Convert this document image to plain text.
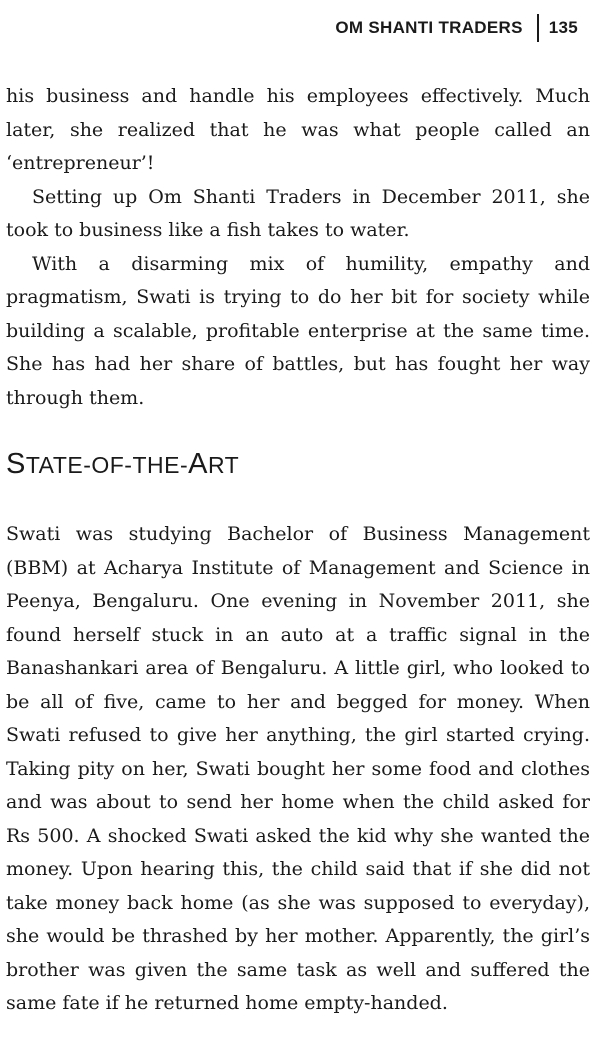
OM SHANTI TRADERS 135

his business and handle his employees effectively. Much later, she realized that he was what people called an ‘entrepreneur’!

Setting up Om Shanti Traders in December 2011, she took to business like a fish takes to water.

With a disarming mix of humility, empathy and pragmatism, Swati is trying to do her bit for society while building a scalable, profitable enterprise at the same time. She has had her share of battles, but has fought her way through them.

STATE-OF-THE-ART

Swati was studying Bachelor of Business Management (BBM) at Acharya Institute of Management and Science in Peenya, Bengaluru. One evening in November 2011, she found herself stuck in an auto at a traffic signal in the Banashankari area of Bengaluru. A little girl, who looked to be all of five, came to her and begged for money. When Swati refused to give her anything, the girl started crying. Taking pity on her, Swati bought her some food and clothes and was about to send her home when the child asked for Rs 500. A shocked Swati asked the kid why she wanted the money. Upon hearing this, the child said that if she did not take money back home (as she was supposed to everyday), she would be thrashed by her mother. Apparently, the girl’s brother was given the same task as well and suffered the same fate if he returned home empty-handed.
